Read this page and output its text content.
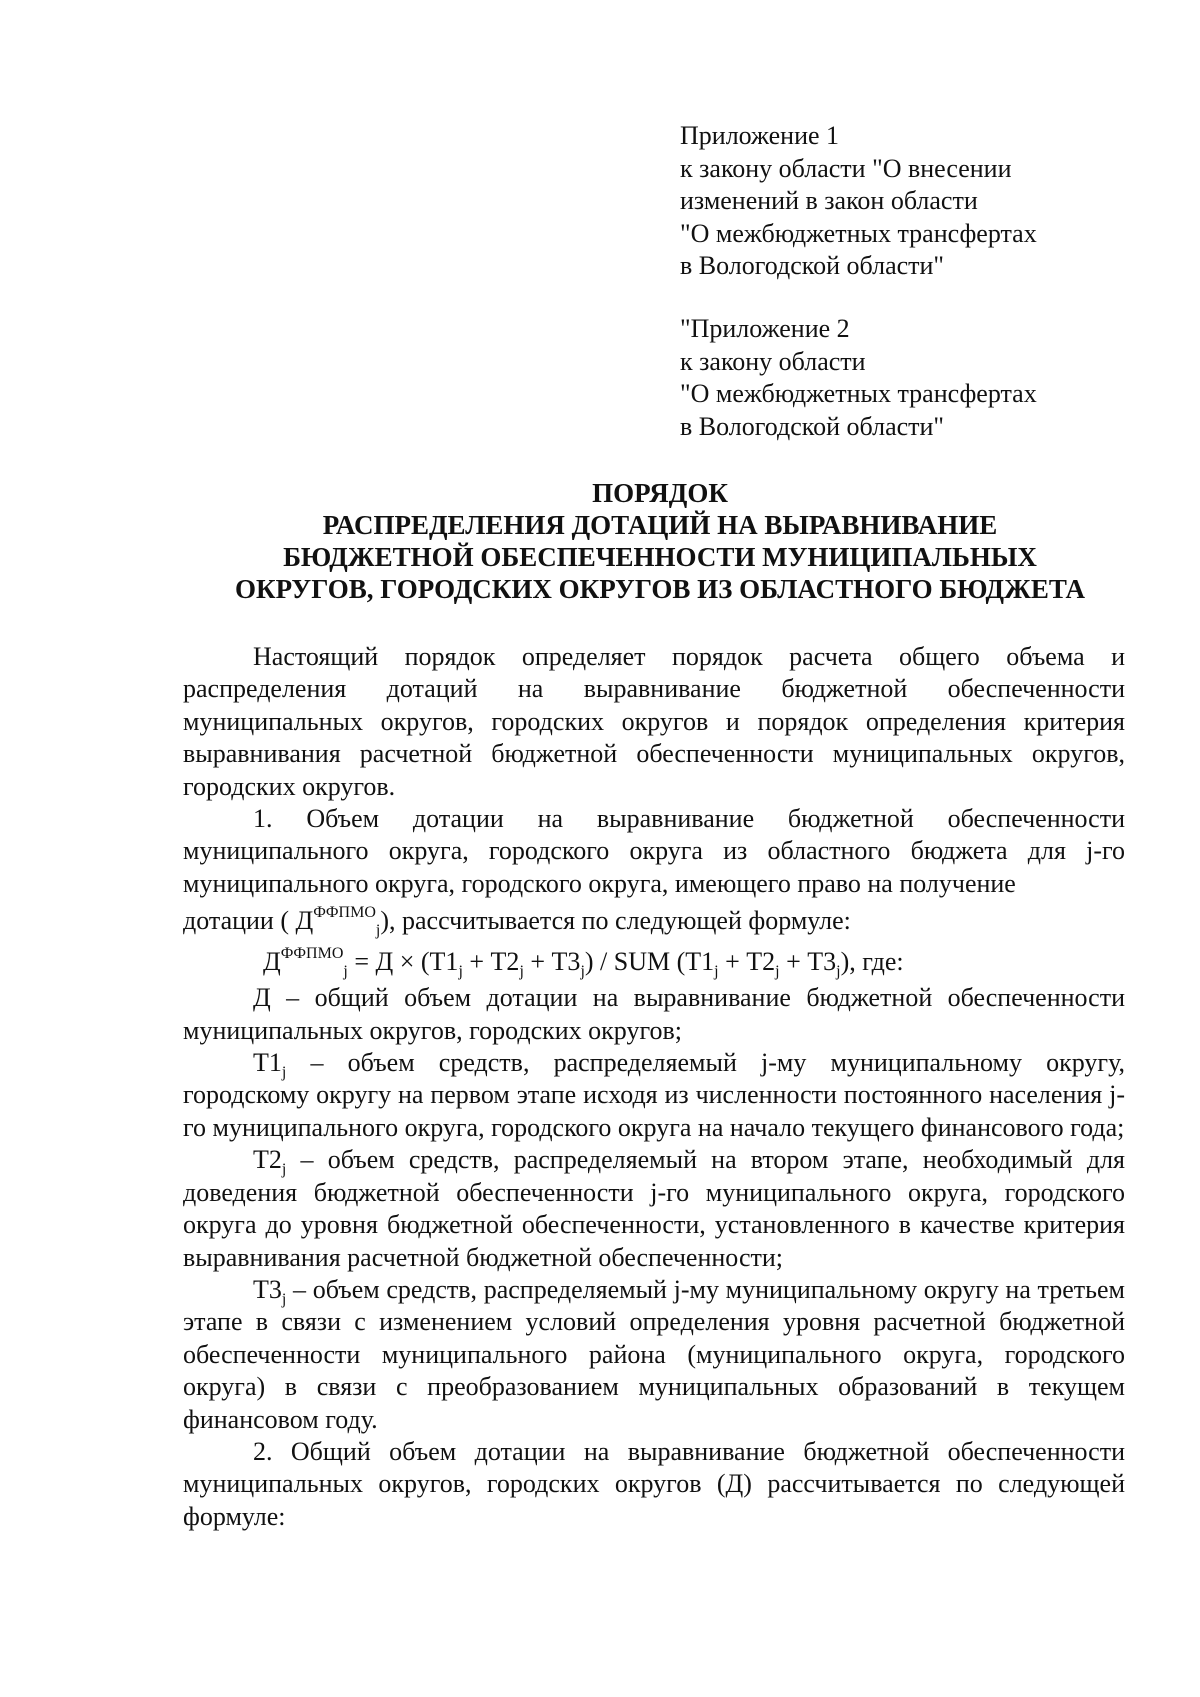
Приложение 1
к закону области "О внесении
изменений в закон области
"О межбюджетных трансфертах
в Вологодской области"
"Приложение 2
к закону области
"О межбюджетных трансфертах
в Вологодской области"
ПОРЯДОК
РАСПРЕДЕЛЕНИЯ ДОТАЦИЙ НА ВЫРАВНИВАНИЕ
БЮДЖЕТНОЙ ОБЕСПЕЧЕННОСТИ МУНИЦИПАЛЬНЫХ
ОКРУГОВ, ГОРОДСКИХ ОКРУГОВ ИЗ ОБЛАСТНОГО БЮДЖЕТА
Настоящий порядок определяет порядок расчета общего объема и распределения дотаций на выравнивание бюджетной обеспеченности муниципальных округов, городских округов и порядок определения критерия выравнивания расчетной бюджетной обеспеченности муниципальных округов, городских округов.
1. Объем дотации на выравнивание бюджетной обеспеченности муниципального округа, городского округа из областного бюджета для j-го муниципального округа, городского округа, имеющего право на получение
дотации ( $Д^{ФФПМО}_j$), рассчитывается по следующей формуле:
$Д^{ФФПМО}_j = Д \times (Т1_j + Т2_j + Т3_j)$ / SUM $(Т1_j + Т2_j + Т3_j)$, где:
Д – общий объем дотации на выравнивание бюджетной обеспеченности муниципальных округов, городских округов;
$Т1_j$ – объем средств, распределяемый j-му муниципальному округу, городскому округу на первом этапе исходя из численности постоянного населения j-го муниципального округа, городского округа на начало текущего финансового года;
$Т2_j$ – объем средств, распределяемый на втором этапе, необходимый для доведения бюджетной обеспеченности j-го муниципального округа, городского округа до уровня бюджетной обеспеченности, установленного в качестве критерия выравнивания расчетной бюджетной обеспеченности;
$Т3_j$ – объем средств, распределяемый j-му муниципальному округу на третьем этапе в связи с изменением условий определения уровня расчетной бюджетной обеспеченности муниципального района (муниципального округа, городского округа) в связи с преобразованием муниципальных образований в текущем финансовом году.
2. Общий объем дотации на выравнивание бюджетной обеспеченности муниципальных округов, городских округов (Д) рассчитывается по следующей формуле:
